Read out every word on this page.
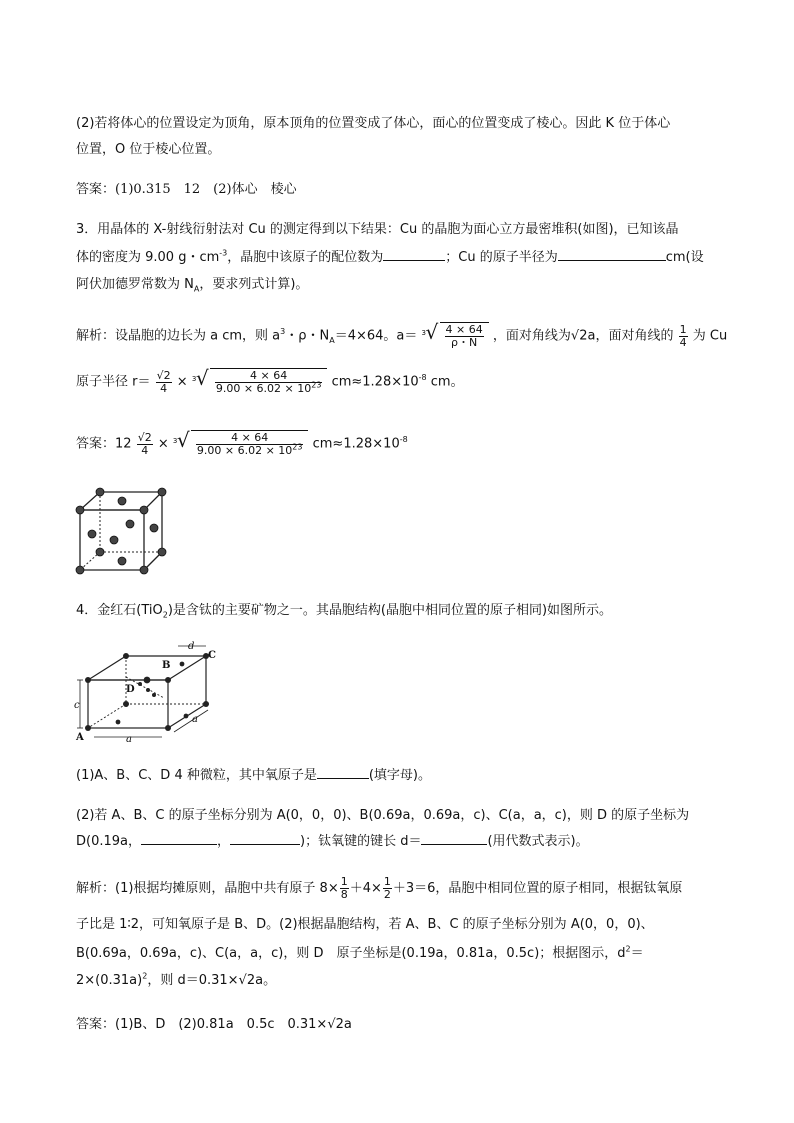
(2)若将体心的位置设定为顶角，原本顶角的位置变成了体心，面心的位置变成了棱心。因此 K 位于体心
位置，O 位于棱心位置。
答案：(1)0.315　12　(2)体心　棱心
3．用晶体的 X-射线衍射法对 Cu 的测定得到以下结果：Cu 的晶胞为面心立方最密堆积(如图)，已知该晶
体的密度为 9.00 g・$cm^{-3}$，晶胞中该原子的配位数为	；Cu 的原子半径为	cm(设
阿伏加德罗常数为 $N_A$，要求列式计算)。
解析：设晶胞的边长为 a cm，则 $a^3$・ρ・$N_A=4\times 64$。a＝ 3 √ $\frac{4 \times 64}{\rho・N}$ ，面对角线为√2a，面对角线的 $\frac{1}{4}$ 为 Cu
原子半径 $r= \frac{√2}{4} \times 3$ √ $\frac{4 \times 64}{9.00 \times 6.02 \times 10^{23}} cm\approx 1.28\times 10^{-8}$ cm。
答案：$12 \frac{√2}{4} \times 3$ √ $\frac{4 \times 64}{9.00 \times 6.02 \times 10^{23}} cm\approx 1.28\times 10^{-8}$
4．金红石(TiO$_2$)是含钛的主要矿物之一。其晶胞结构(晶胞中相同位置的原子相同)如图所示。
B
C
D
A	a
a
c
d
(1)A、B、C、D 4 种微粒，其中氧原子是	(填字母)。
(2)若 A、B、C 的原子坐标分别为 A(0，0，0)、B(0.69a，0.69a，c)、C(a，a，c)，则 D 的原子坐标为
D(0.19a，	，	)；钛氧键的键长 d＝	(用代数式表示)。
解析：(1)根据均摊原则，晶胞中共有原子 $8\times \frac{1}{8} +4\times \frac{1}{2} +3=6$，晶胞中相同位置的原子相同，根据钛氧原
子比是 1∶2，可知氧原子是 B、D。(2)根据晶胞结构，若 A、B、C 的原子坐标分别为 A(0，0，0)、
B(0.69a，0.69a，c)、C(a，a，c)，则 D　原子坐标是(0.19a，0.81a，0.5c)；根据图示，$d^2=$
$2\times(0.31a)^2$，则 d＝0.31×√2a。
答案：(1)B、D　(2)0.81a　0.5c　0.31×√2a
